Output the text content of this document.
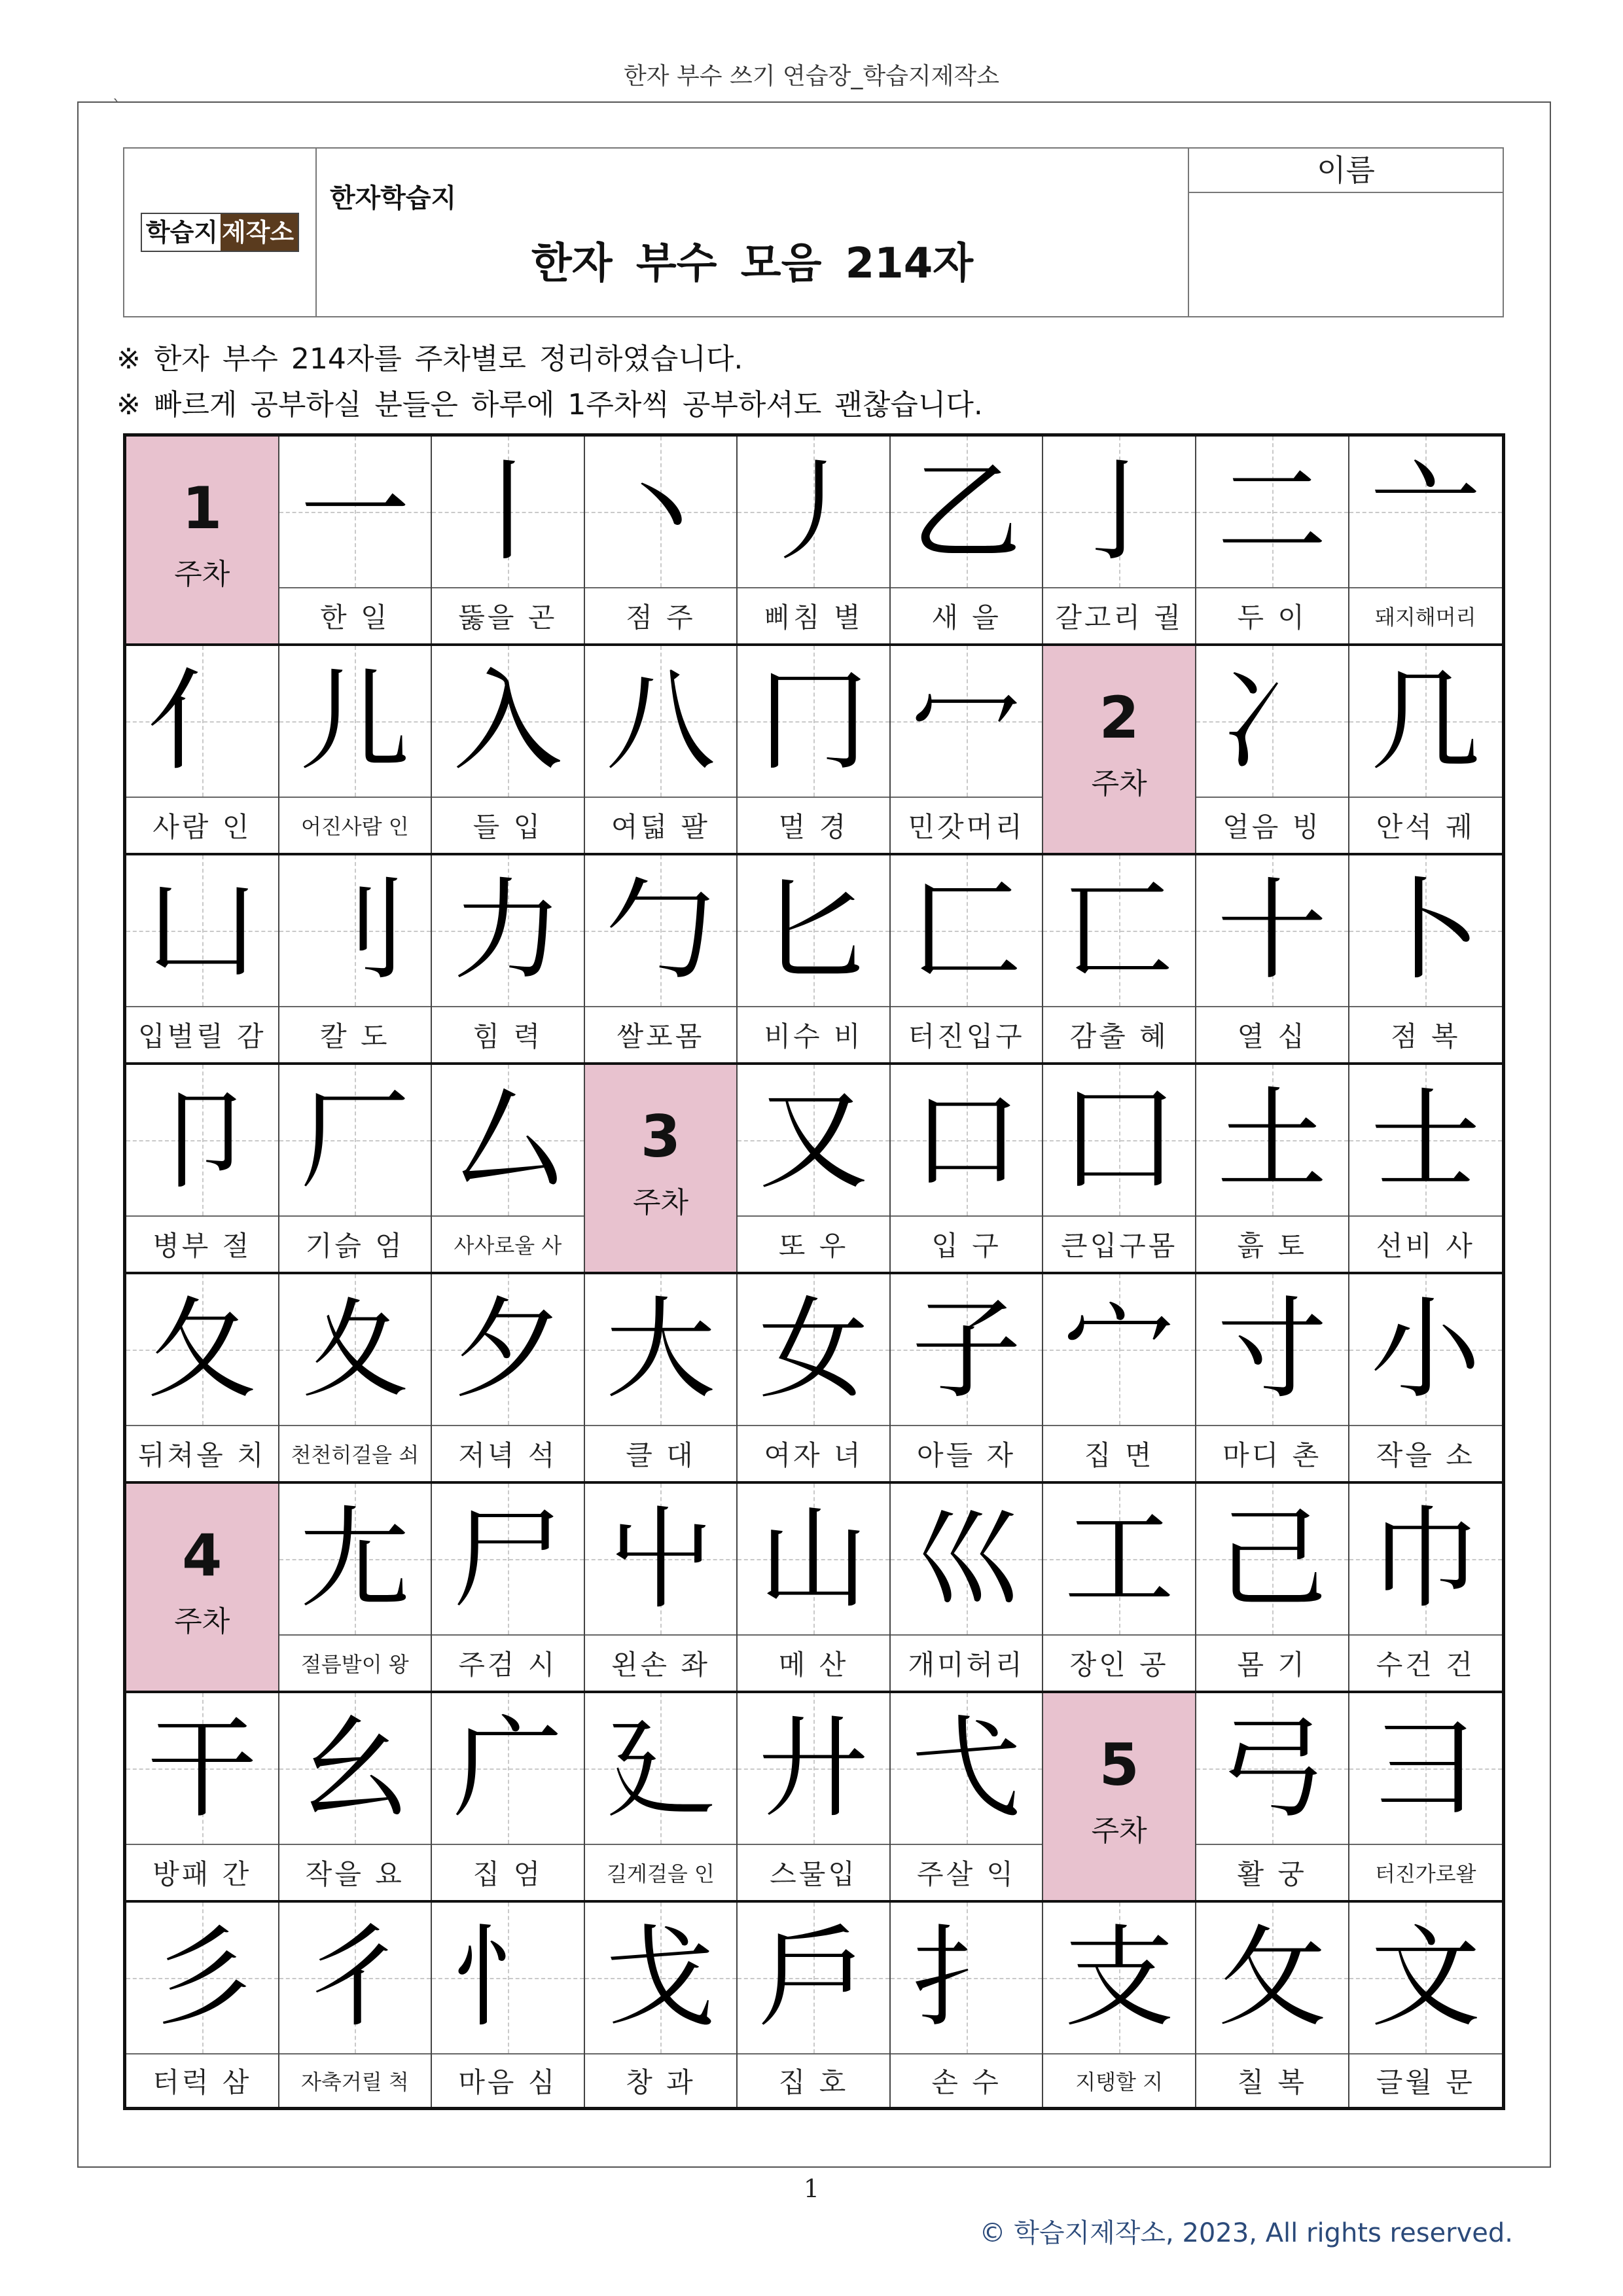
한자 부수 쓰기 연습장_학습지제작소
`
학습지 제작소
한자학습지
한자 부수 모음 214자
이름
※ 한자 부수 214자를 주차별로 정리하였습니다.
※ 빠르게 공부하실 분들은 하루에 1주차씩 공부하셔도 괜찮습니다.
1
주차 一
한 일
丨
뚫을 곤
丶
점 주
丿
삐침 별
乙
새 을
亅
갈고리 궐
二
두 이
亠
돼지해머리
亻
사람 인
儿
어진사람 인
入
들 입
八
여덟 팔
冂
멀 경
冖
민갓머리
2
주차 冫
얼음 빙
几
안석 궤
凵
입벌릴 감
刂
칼 도
力
힘 력
勹
쌀포몸
匕
비수 비
匚
터진입구
匸
감출 혜
十
열 십
卜
점 복
卩
병부 절
厂
기슭 엄
厶
사사로울 사
3
주차 又
또 우
口
입 구
囗
큰입구몸
土
흙 토
士
선비 사
夂
뒤쳐올 치
夊
천천히걸을 쇠
夕
저녁 석
大
클 대
女
여자 녀
子
아들 자
宀
집 면
寸
마디 촌
小
작을 소
4
주차 尢
절름발이 왕
尸
주검 시
屮
왼손 좌
山
메 산
巛
개미허리
工
장인 공
己
몸 기
巾
수건 건
干
방패 간
幺
작을 요
广
집 엄
廴
길게걸을 인
廾
스물입
弋
주살 익
5
주차 弓
활 궁
彐
터진가로왈
彡
터럭 삼
彳
자축거릴 척
忄
마음 심
戈
창 과
戶
집 호
扌
손 수
支
지탱할 지
攵
칠 복
文
글월 문
1
© 학습지제작소, 2023, All rights reserved.
